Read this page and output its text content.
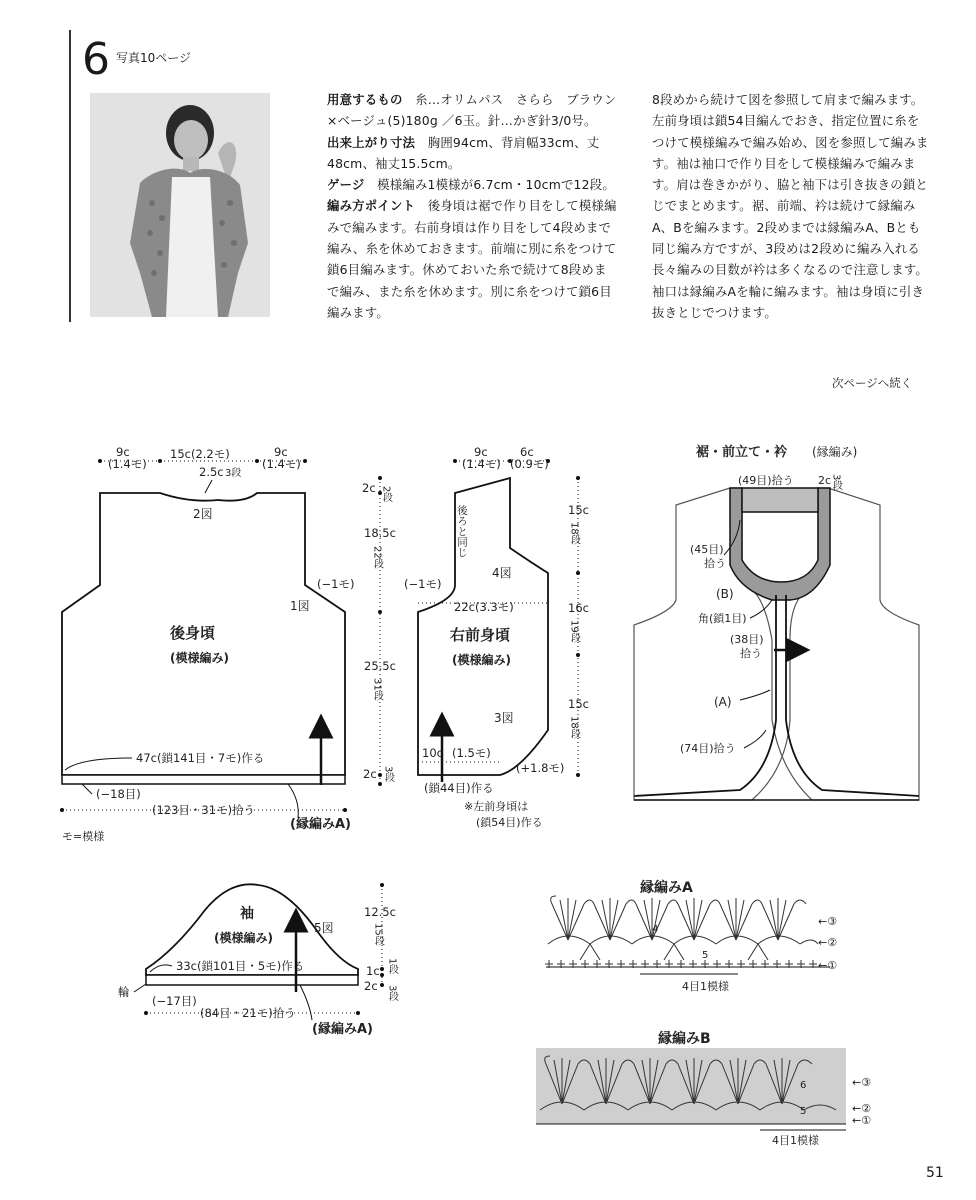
6 写真10ページ

用意するもの　 糸…オリムパス　さらら　ブラウン×ベージュ(5)180g ／6玉。針…かぎ針3/0号。

出来上がり寸法　 胸囲94cm、背肩幅33cm、丈48cm、袖丈15.5cm。

ゲージ　 模様編み1模様が6.7cm・10cmで12段。

編み方ポイント　 後身頃は裾で作り目をして模様編みで編みます。右前身頃は作り目をして4段めまで編み、糸を休めておきます。前端に別に糸をつけて鎖6目編みます。休めておいた糸で続けて8段めまで編み、また糸を休めます。別に糸をつけて鎖6目編みます。

8段めから続けて図を参照して肩まで編みます。左前身頃は鎖54目編んでおき、指定位置に糸をつけて模様編みで編み始め、図を参照して編みます。袖は袖口で作り目をして模様編みで編みます。肩は巻きかがり、脇と袖下は引き抜きの鎖とじでまとめます。裾、前端、衿は続けて縁編みA、Bを編みます。2段めまでは縁編みA、Bとも同じ編み方ですが、3段めは2段めに編み入れる長々編みの目数が衿は多くなるので注意します。袖口は縁編みAを輪に編みます。袖は身頃に引き抜きとじでつけます。

次ページへ続く
9c
(1.4モ)
15c(2.2モ)	9c
(1.4モ)
2.5c 3段
2図
1図
(−1モ)
後身頃
(模様編み)
47c(鎖141目・7モ)作る
(−18目)
(123目・31モ)拾う
(縁編みA)
モ=模様
2c 2段
18.5c
22段
25.5c
31段
2c 3段
9c
(1.4モ)
6c
(0.9モ)
後ろと同じ
(−1モ)
4図
22c(3.3モ)
右前身頃
(模様編み)
3図
10c (1.5モ)
(鎖44目)作る
(+1.8モ)
※左前身頃は
(鎖54目)作る
15c
18段
16c
19段
15c
18段
裾・前立て・衿 (縁編み)
(49目)拾う 2c 3段
(45目)
拾う
(B)
角(鎖1目)
(38目)
拾う
(A)
(74目)拾う
袖
(模様編み)
5図
33c(鎖101目・5モ)作る
輪
(−17目)
(84目・21モ)拾う
(縁編みA)
12.5c
15段
1c 1段
2c 3段
縁編みA
4
5
←③
←②
←①
4目1模様
縁編みB
6
5
←③
←②
←①
4目1模様
51
